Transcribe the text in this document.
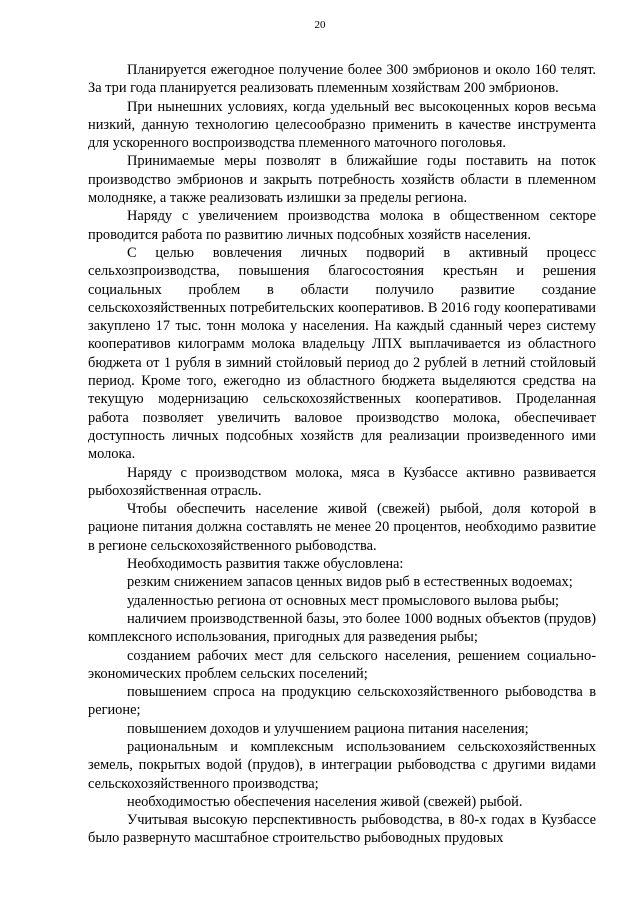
20

Планируется ежегодное получение более 300 эмбрионов и около 160 телят. За три года планируется реализовать племенным хозяйствам 200 эмбрионов.

При нынешних условиях, когда удельный вес высокоценных коров весьма низкий, данную технологию целесообразно применить в качестве инструмента для ускоренного воспроизводства племенного маточного поголовья.

Принимаемые меры позволят в ближайшие годы поставить на поток производство эмбрионов и закрыть потребность хозяйств области в племенном молодняке, а также реализовать излишки за пределы региона.

Наряду с увеличением производства молока в общественном секторе проводится работа по развитию личных подсобных хозяйств населения.

С целью вовлечения личных подворий в активный процесс сельхозпроизводства, повышения благосостояния крестьян и решения социальных проблем в области получило развитие создание сельскохозяйственных потребительских кооперативов. В 2016 году кооперативами закуплено 17 тыс. тонн молока у населения. На каждый сданный через систему кооперативов килограмм молока владельцу ЛПХ выплачивается из областного бюджета от 1 рубля в зимний стойловый период до 2 рублей в летний стойловый период. Кроме того, ежегодно из областного бюджета выделяются средства на текущую модернизацию сельскохозяйственных кооперативов. Проделанная работа позволяет увеличить валовое производство молока, обеспечивает доступность личных подсобных хозяйств для реализации произведенного ими молока.

Наряду с производством молока, мяса в Кузбассе активно развивается рыбохозяйственная отрасль.

Чтобы обеспечить население живой (свежей) рыбой, доля которой в рационе питания должна составлять не менее 20 процентов, необходимо развитие в регионе сельскохозяйственного рыбоводства.

Необходимость развития также обусловлена:

резким снижением запасов ценных видов рыб в естественных водоемах;

удаленностью региона от основных мест промыслового вылова рыбы;

наличием производственной базы, это более 1000 водных объектов (прудов) комплексного использования, пригодных для разведения рыбы;

созданием рабочих мест для сельского населения, решением социально-экономических проблем сельских поселений;

повышением спроса на продукцию сельскохозяйственного рыбоводства в регионе;

повышением доходов и улучшением рациона питания населения;

рациональным и комплексным использованием сельскохозяйственных земель, покрытых водой (прудов), в интеграции рыбоводства с другими видами сельскохозяйственного производства;

необходимостью обеспечения населения живой (свежей) рыбой.

Учитывая высокую перспективность рыбоводства, в 80-х годах в Кузбассе было развернуто масштабное строительство рыбоводных прудовых
